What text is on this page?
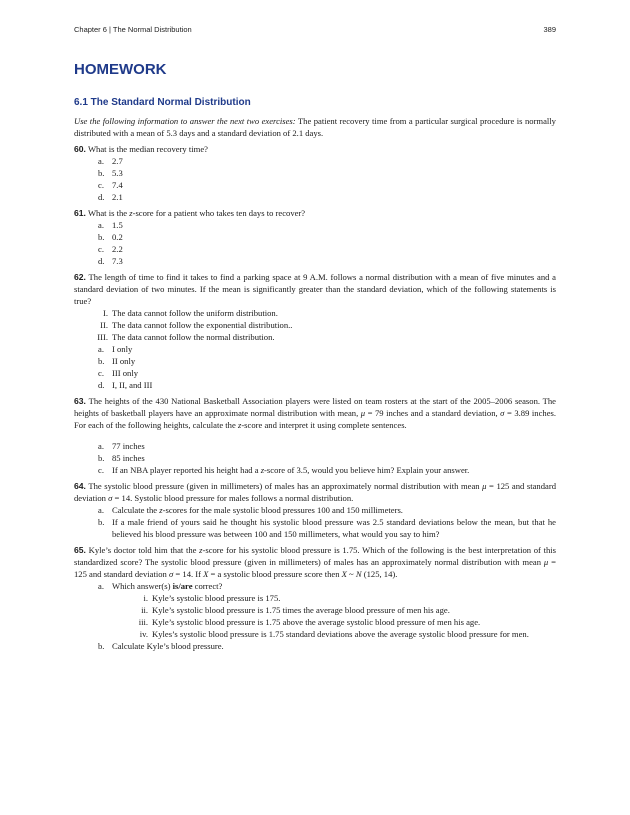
Chapter 6 | The Normal Distribution	389
HOMEWORK
6.1 The Standard Normal Distribution

Use the following information to answer the next two exercises: The patient recovery time from a particular surgical procedure is normally distributed with a mean of 5.3 days and a standard deviation of 2.1 days.

60. What is the median recovery time?

a. 2.7
b. 5.3
c. 7.4
d. 2.1

61. What is the z-score for a patient who takes ten days to recover?

a. 1.5
b. 0.2
c. 2.2
d. 7.3

62. The length of time to find it takes to find a parking space at 9 A.M. follows a normal distribution with a mean of five minutes and a standard deviation of two minutes. If the mean is significantly greater than the standard deviation, which of the following statements is true?

I. The data cannot follow the uniform distribution.
II. The data cannot follow the exponential distribution..
III. The data cannot follow the normal distribution.
a. I only
b. II only
c. III only
d. I, II, and III

63. The heights of the 430 National Basketball Association players were listed on team rosters at the start of the 2005–2006 season. The heights of basketball players have an approximate normal distribution with mean, μ = 79 inches and a standard deviation, σ = 3.89 inches. For each of the following heights, calculate the z-score and interpret it using complete sentences.

a. 77 inches
b. 85 inches
c. If an NBA player reported his height had a z-score of 3.5, would you believe him? Explain your answer.

64. The systolic blood pressure (given in millimeters) of males has an approximately normal distribution with mean μ = 125 and standard deviation σ = 14. Systolic blood pressure for males follows a normal distribution.

a. Calculate the z-scores for the male systolic blood pressures 100 and 150 millimeters.
b. If a male friend of yours said he thought his systolic blood pressure was 2.5 standard deviations below the mean, but that he believed his blood pressure was between 100 and 150 millimeters, what would you say to him?

65. Kyle’s doctor told him that the z-score for his systolic blood pressure is 1.75. Which of the following is the best interpretation of this standardized score? The systolic blood pressure (given in millimeters) of males has an approximately normal distribution with mean μ = 125 and standard deviation σ = 14. If X = a systolic blood pressure score then X ~ N (125, 14).

a. Which answer(s) is/are correct?
i. Kyle’s systolic blood pressure is 175.
ii. Kyle’s systolic blood pressure is 1.75 times the average blood pressure of men his age.
iii. Kyle’s systolic blood pressure is 1.75 above the average systolic blood pressure of men his age.
iv. Kyles’s systolic blood pressure is 1.75 standard deviations above the average systolic blood pressure for men.
b. Calculate Kyle’s blood pressure.
